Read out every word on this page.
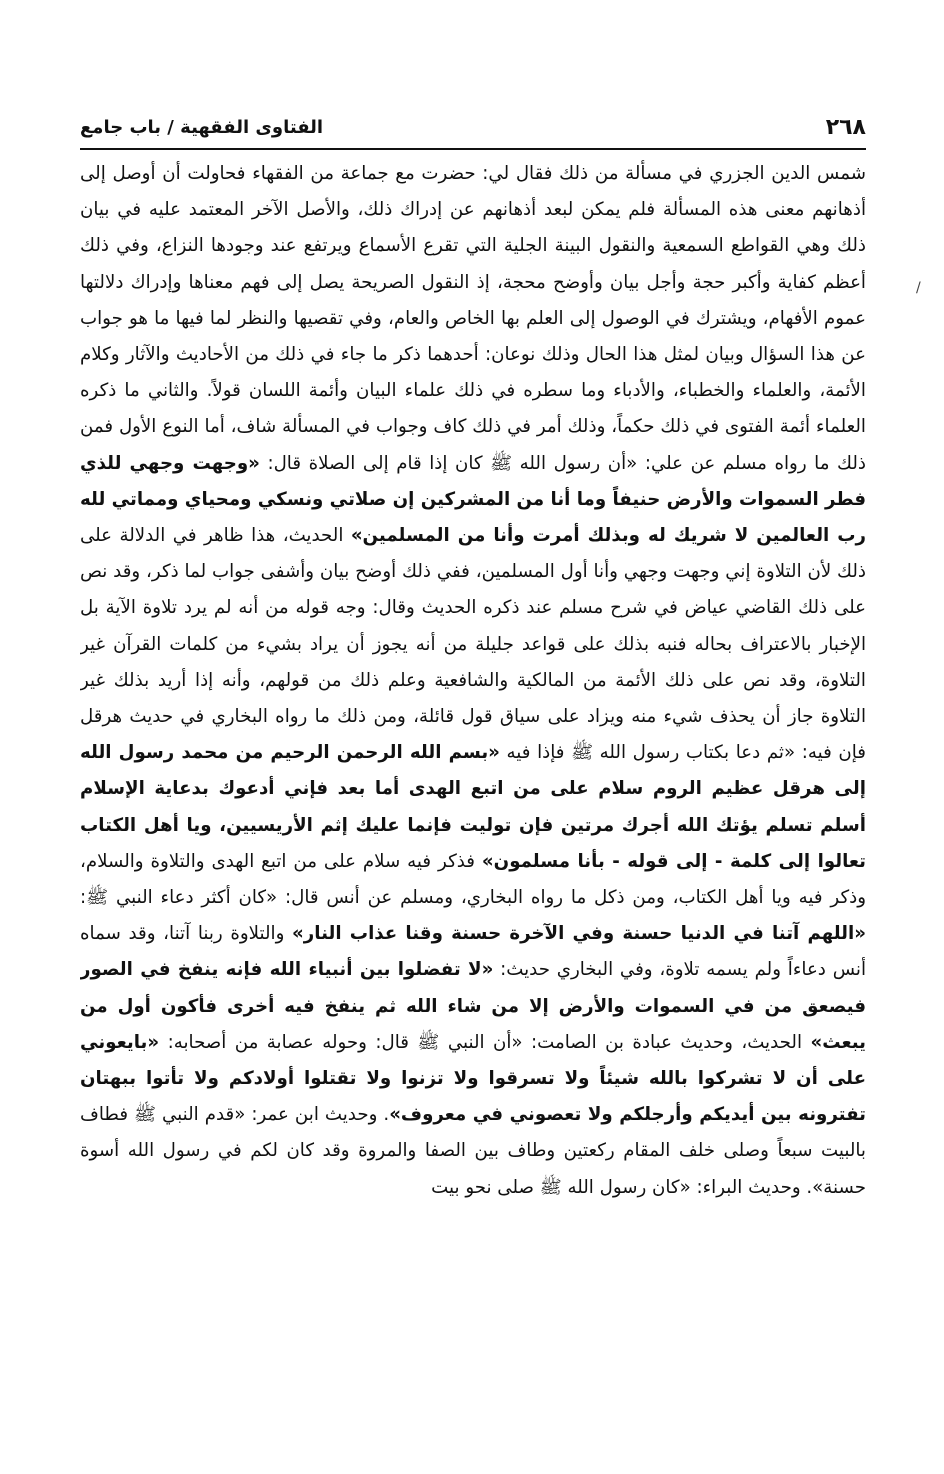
٢٦٨
الفتاوى الفقهية / باب جامع
/

شمس الدين الجزري في مسألة من ذلك فقال لي: حضرت مع جماعة من الفقهاء فحاولت أن أوصل إلى أذهانهم معنى هذه المسألة فلم يمكن لبعد أذهانهم عن إدراك ذلك، والأصل الآخر المعتمد عليه في بيان ذلك وهي القواطع السمعية والنقول البينة الجلية التي تقرع الأسماع ويرتفع عند وجودها النزاع، وفي ذلك أعظم كفاية وأكبر حجة وأجل بيان وأوضح محجة، إذ النقول الصريحة يصل إلى فهم معناها وإدراك دلالتها عموم الأفهام، ويشترك في الوصول إلى العلم بها الخاص والعام، وفي تقصيها والنظر لما فيها ما هو جواب عن هذا السؤال وبيان لمثل هذا الحال وذلك نوعان: أحدهما ذكر ما جاء في ذلك من الأحاديث والآثار وكلام الأئمة، والعلماء والخطباء، والأدباء وما سطره في ذلك علماء البيان وأئمة اللسان قولاً. والثاني ما ذكره العلماء أئمة الفتوى في ذلك حكماً، وذلك أمر في ذلك كاف وجواب في المسألة شاف، أما النوع الأول فمن ذلك ما رواه مسلم عن علي: «أن رسول الله ﷺ كان إذا قام إلى الصلاة قال: «وجهت وجهي للذي فطر السموات والأرض حنيفاً وما أنا من المشركين إن صلاتي ونسكي ومحياي ومماتي لله رب العالمين لا شريك له وبذلك أمرت وأنا من المسلمين» الحديث، هذا ظاهر في الدلالة على ذلك لأن التلاوة إني وجهت وجهي وأنا أول المسلمين، ففي ذلك أوضح بيان وأشفى جواب لما ذكر، وقد نص على ذلك القاضي عياض في شرح مسلم عند ذكره الحديث وقال: وجه قوله من أنه لم يرد تلاوة الآية بل الإخبار بالاعتراف بحاله فنبه بذلك على قواعد جليلة من أنه يجوز أن يراد بشيء من كلمات القرآن غير التلاوة، وقد نص على ذلك الأئمة من المالكية والشافعية وعلم ذلك من قولهم، وأنه إذا أريد بذلك غير التلاوة جاز أن يحذف شيء منه ويزاد على سياق قول قائلة، ومن ذلك ما رواه البخاري في حديث هرقل فإن فيه: «ثم دعا بكتاب رسول الله ﷺ فإذا فيه «بسم الله الرحمن الرحيم من محمد رسول الله إلى هرقل عظيم الروم سلام على من اتبع الهدى أما بعد فإني أدعوك بدعاية الإسلام أسلم تسلم يؤتك الله أجرك مرتين فإن توليت فإنما عليك إثم الأريسيين، ويا أهل الكتاب تعالوا إلى كلمة - إلى قوله - بأنا مسلمون» فذكر فيه سلام على من اتبع الهدى والتلاوة والسلام، وذكر فيه ويا أهل الكتاب، ومن ذكل ما رواه البخاري، ومسلم عن أنس قال: «كان أكثر دعاء النبي ﷺ: «اللهم آتنا في الدنيا حسنة وفي الآخرة حسنة وقنا عذاب النار» والتلاوة ربنا آتنا، وقد سماه أنس دعاءاً ولم يسمه تلاوة، وفي البخاري حديث: «لا تفضلوا بين أنبياء الله فإنه ينفخ في الصور فيصعق من في السموات والأرض إلا من شاء الله ثم ينفخ فيه أخرى فأكون أول من يبعث» الحديث، وحديث عبادة بن الصامت: «أن النبي ﷺ قال: وحوله عصابة من أصحابه: «بايعوني على أن لا تشركوا بالله شيئاً ولا تسرقوا ولا تزنوا ولا تقتلوا أولادكم ولا تأتوا ببهتان تفترونه بين أيديكم وأرجلكم ولا تعصوني في معروف». وحديث ابن عمر: «قدم النبي ﷺ فطاف بالبيت سبعاً وصلى خلف المقام ركعتين وطاف بين الصفا والمروة وقد كان لكم في رسول الله أسوة حسنة». وحديث البراء: «كان رسول الله ﷺ صلى نحو بيت
